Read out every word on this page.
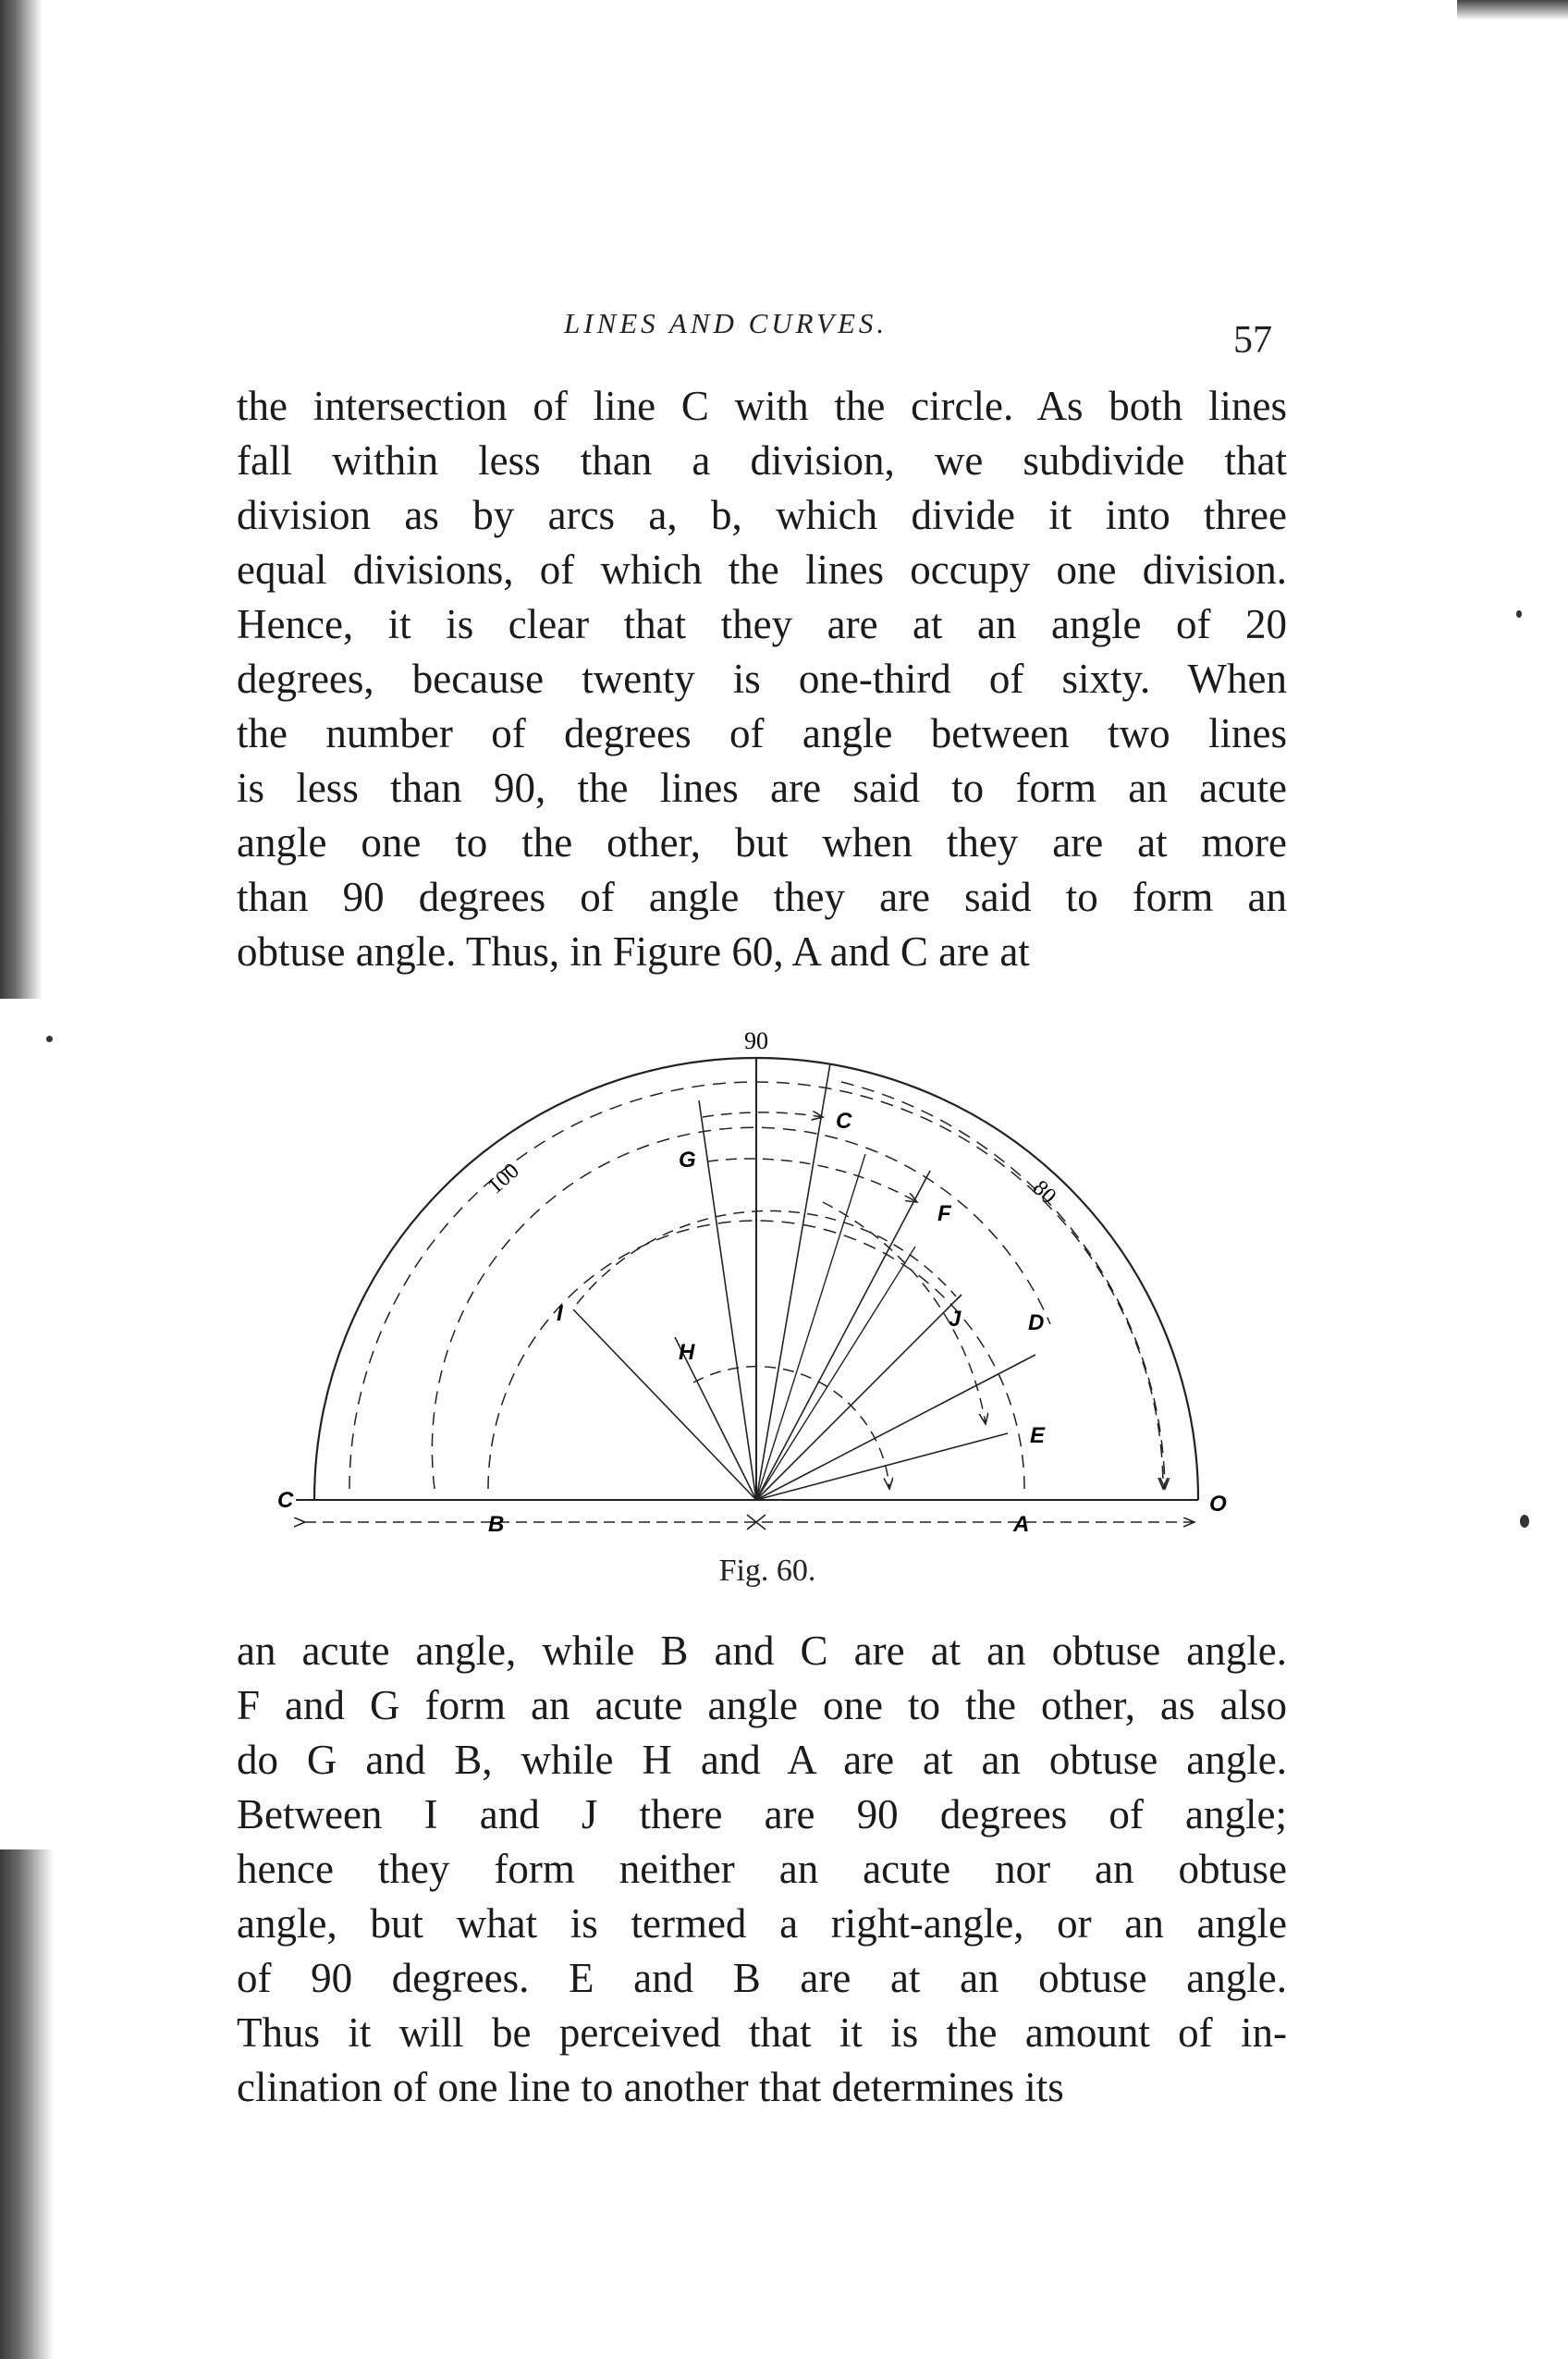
LINES AND CURVES.	57
the intersection of line C with the circle. As both lines
fall within less than a division, we subdivide that
division as by arcs a, b, which divide it into three
equal divisions, of which the lines occupy one division.
Hence, it is clear that they are at an angle of 20
degrees, because twenty is one-third of sixty. When
the number of degrees of angle between two lines
is less than 90, the lines are said to form an acute
angle one to the other, but when they are at more
than 90 degrees of angle they are said to form an
obtuse angle. Thus, in Figure 60, A and C are at
90
100	80
C
G
F
I	J	D
H
E
C	O
B	A
Fig. 60.
an acute angle, while B and C are at an obtuse angle.
F and G form an acute angle one to the other, as also
do G and B, while H and A are at an obtuse angle.
Between I and J there are 90 degrees of angle;
hence they form neither an acute nor an obtuse
angle, but what is termed a right-angle, or an angle
of 90 degrees. E and B are at an obtuse angle.
Thus it will be perceived that it is the amount of in-
clination of one line to another that determines its
